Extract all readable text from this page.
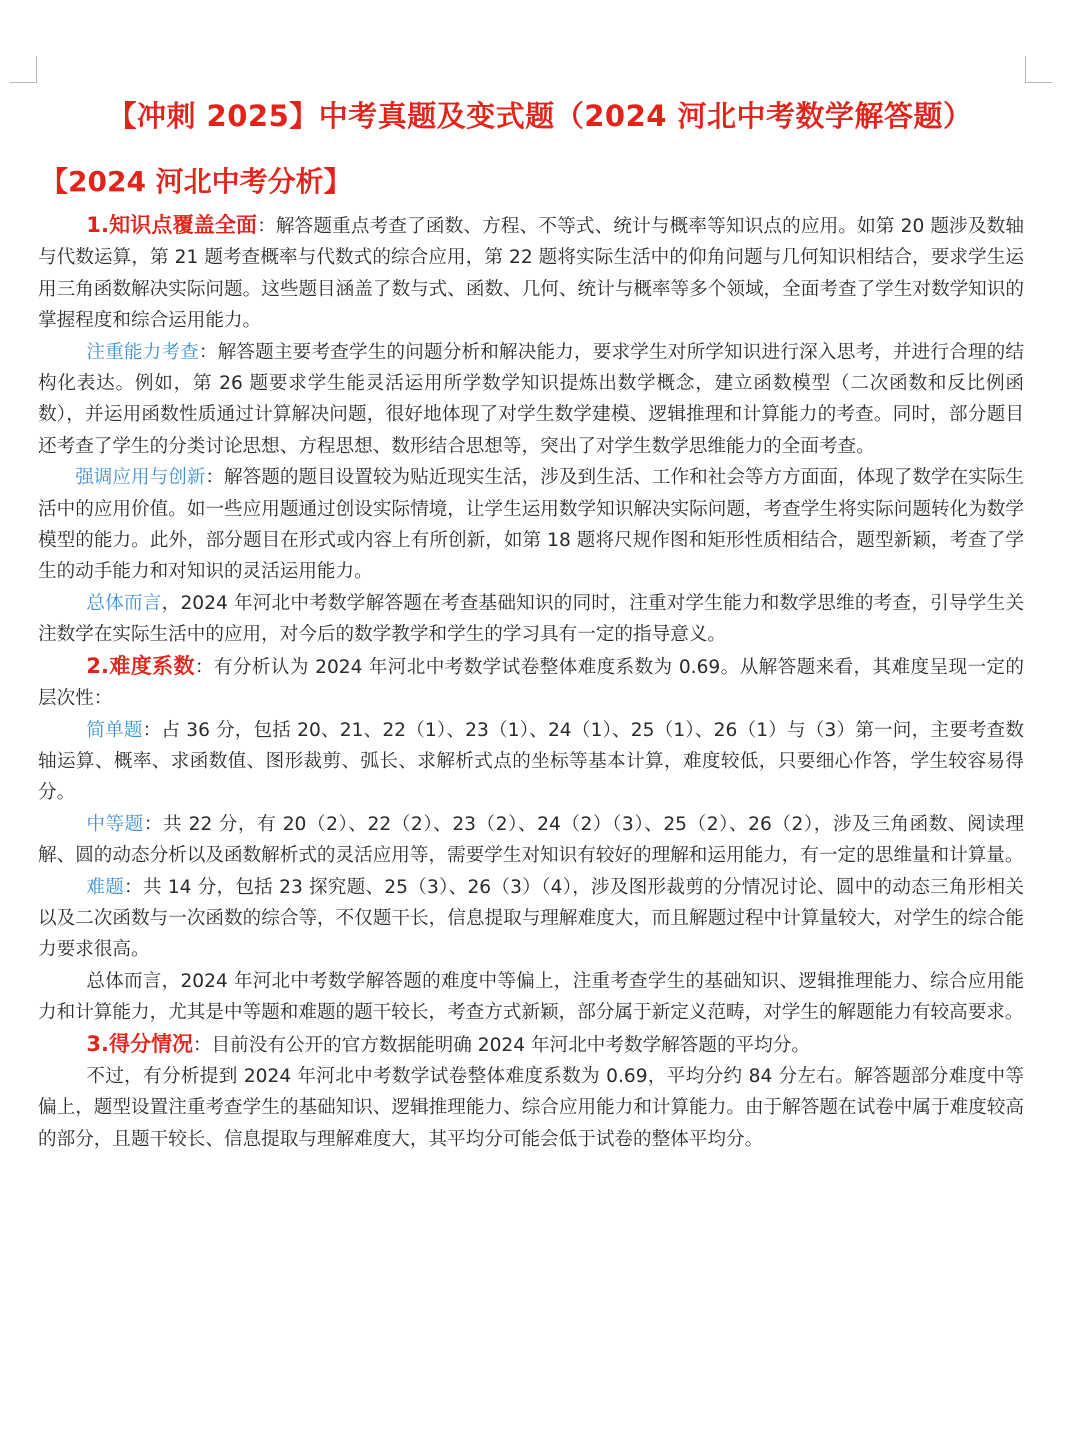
【冲刺 2025】中考真题及变式题（2024 河北中考数学解答题）
【2024 河北中考分析】

1.知识点覆盖全面：解答题重点考查了函数、方程、不等式、统计与概率等知识点的应用。如第 20 题涉及数轴与代数运算，第 21 题考查概率与代数式的综合应用，第 22 题将实际生活中的仰角问题与几何知识相结合，要求学生运用三角函数解决实际问题。这些题目涵盖了数与式、函数、几何、统计与概率等多个领域，全面考查了学生对数学知识的掌握程度和综合运用能力。

注重能力考查：解答题主要考查学生的问题分析和解决能力，要求学生对所学知识进行深入思考，并进行合理的结构化表达。例如，第 26 题要求学生能灵活运用所学数学知识提炼出数学概念，建立函数模型（二次函数和反比例函数），并运用函数性质通过计算解决问题，很好地体现了对学生数学建模、逻辑推理和计算能力的考查。同时，部分题目还考查了学生的分类讨论思想、方程思想、数形结合思想等，突出了对学生数学思维能力的全面考查。

强调应用与创新：解答题的题目设置较为贴近现实生活，涉及到生活、工作和社会等方方面面，体现了数学在实际生活中的应用价值。如一些应用题通过创设实际情境，让学生运用数学知识解决实际问题，考查学生将实际问题转化为数学模型的能力。此外，部分题目在形式或内容上有所创新，如第 18 题将尺规作图和矩形性质相结合，题型新颖，考查了学生的动手能力和对知识的灵活运用能力。

总体而言，2024 年河北中考数学解答题在考查基础知识的同时，注重对学生能力和数学思维的考查，引导学生关注数学在实际生活中的应用，对今后的数学教学和学生的学习具有一定的指导意义。

2.难度系数：有分析认为 2024 年河北中考数学试卷整体难度系数为 0.69。从解答题来看，其难度呈现一定的层次性：

简单题：占 36 分，包括 20、21、22（1）、23（1）、24（1）、25（1）、26（1）与（3）第一问，主要考查数轴运算、概率、求函数值、图形裁剪、弧长、求解析式点的坐标等基本计算，难度较低，只要细心作答，学生较容易得分。

中等题：共 22 分，有 20（2）、22（2）、23（2）、24（2）（3）、25（2）、26（2），涉及三角函数、阅读理解、圆的动态分析以及函数解析式的灵活应用等，需要学生对知识有较好的理解和运用能力，有一定的思维量和计算量。

难题：共 14 分，包括 23 探究题、25（3）、26（3）（4），涉及图形裁剪的分情况讨论、圆中的动态三角形相关以及二次函数与一次函数的综合等，不仅题干长，信息提取与理解难度大，而且解题过程中计算量较大，对学生的综合能力要求很高。

总体而言，2024 年河北中考数学解答题的难度中等偏上，注重考查学生的基础知识、逻辑推理能力、综合应用能力和计算能力，尤其是中等题和难题的题干较长，考查方式新颖，部分属于新定义范畴，对学生的解题能力有较高要求。

3.得分情况：目前没有公开的官方数据能明确 2024 年河北中考数学解答题的平均分。

不过，有分析提到 2024 年河北中考数学试卷整体难度系数为 0.69，平均分约 84 分左右。解答题部分难度中等偏上，题型设置注重考查学生的基础知识、逻辑推理能力、综合应用能力和计算能力。由于解答题在试卷中属于难度较高的部分，且题干较长、信息提取与理解难度大，其平均分可能会低于试卷的整体平均分。
